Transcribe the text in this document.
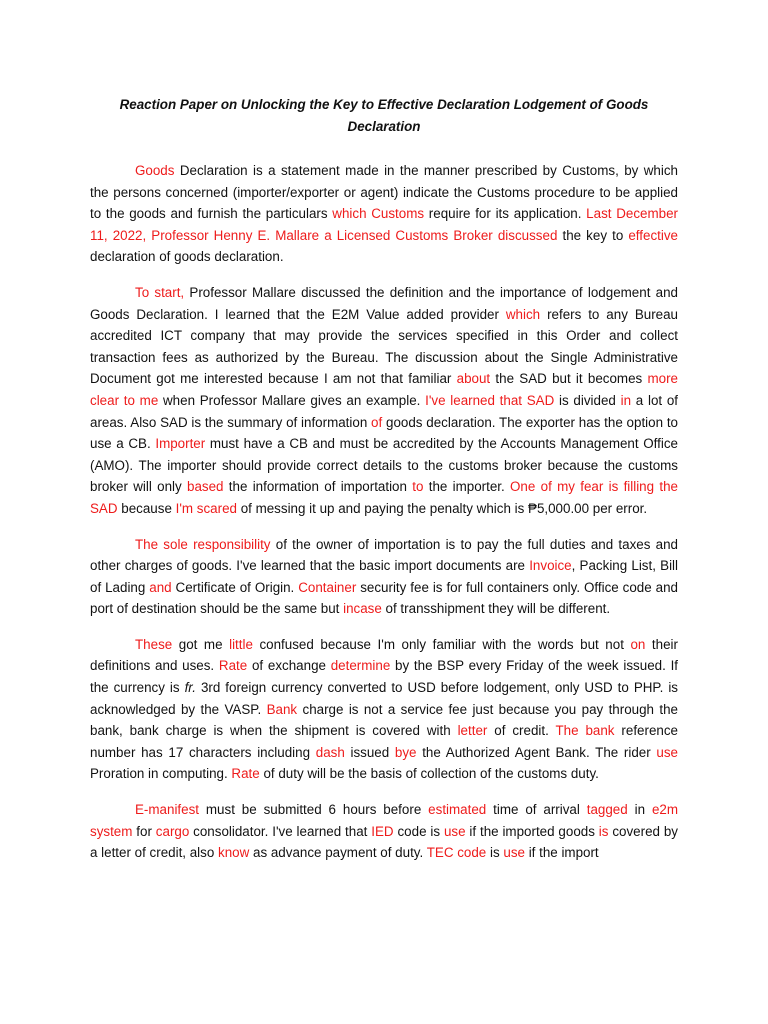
Reaction Paper on Unlocking the Key to Effective Declaration Lodgement of Goods
Declaration

Goods Declaration is a statement made in the manner prescribed by Customs, by which the persons concerned (importer/exporter or agent) indicate the Customs procedure to be applied to the goods and furnish the particulars which Customs require for its application. Last December 11, 2022, Professor Henny E. Mallare a Licensed Customs Broker discussed the key to effective declaration of goods declaration.

To start, Professor Mallare discussed the definition and the importance of lodgement and Goods Declaration. I learned that the E2M Value added provider which refers to any Bureau accredited ICT company that may provide the services specified in this Order and collect transaction fees as authorized by the Bureau. The discussion about the Single Administrative Document got me interested because I am not that familiar about the SAD but it becomes more clear to me when Professor Mallare gives an example. I've learned that SAD is divided in a lot of areas. Also SAD is the summary of information of goods declaration. The exporter has the option to use a CB. Importer must have a CB and must be accredited by the Accounts Management Office (AMO). The importer should provide correct details to the customs broker because the customs broker will only based the information of importation to the importer. One of my fear is filling the SAD because I'm scared of messing it up and paying the penalty which is ₱5,000.00 per error.

The sole responsibility of the owner of importation is to pay the full duties and taxes and other charges of goods. I've learned that the basic import documents are Invoice, Packing List, Bill of Lading and Certificate of Origin. Container security fee is for full containers only. Office code and port of destination should be the same but incase of transshipment they will be different.

These got me little confused because I'm only familiar with the words but not on their definitions and uses. Rate of exchange determine by the BSP every Friday of the week issued. If the currency is fr. 3rd foreign currency converted to USD before lodgement, only USD to PHP. is acknowledged by the VASP. Bank charge is not a service fee just because you pay through the bank, bank charge is when the shipment is covered with letter of credit. The bank reference number has 17 characters including dash issued bye the Authorized Agent Bank. The rider use Proration in computing. Rate of duty will be the basis of collection of the customs duty.

E-manifest must be submitted 6 hours before estimated time of arrival tagged in e2m system for cargo consolidator. I've learned that IED code is use if the imported goods is covered by a letter of credit, also know as advance payment of duty. TEC code is use if the import
